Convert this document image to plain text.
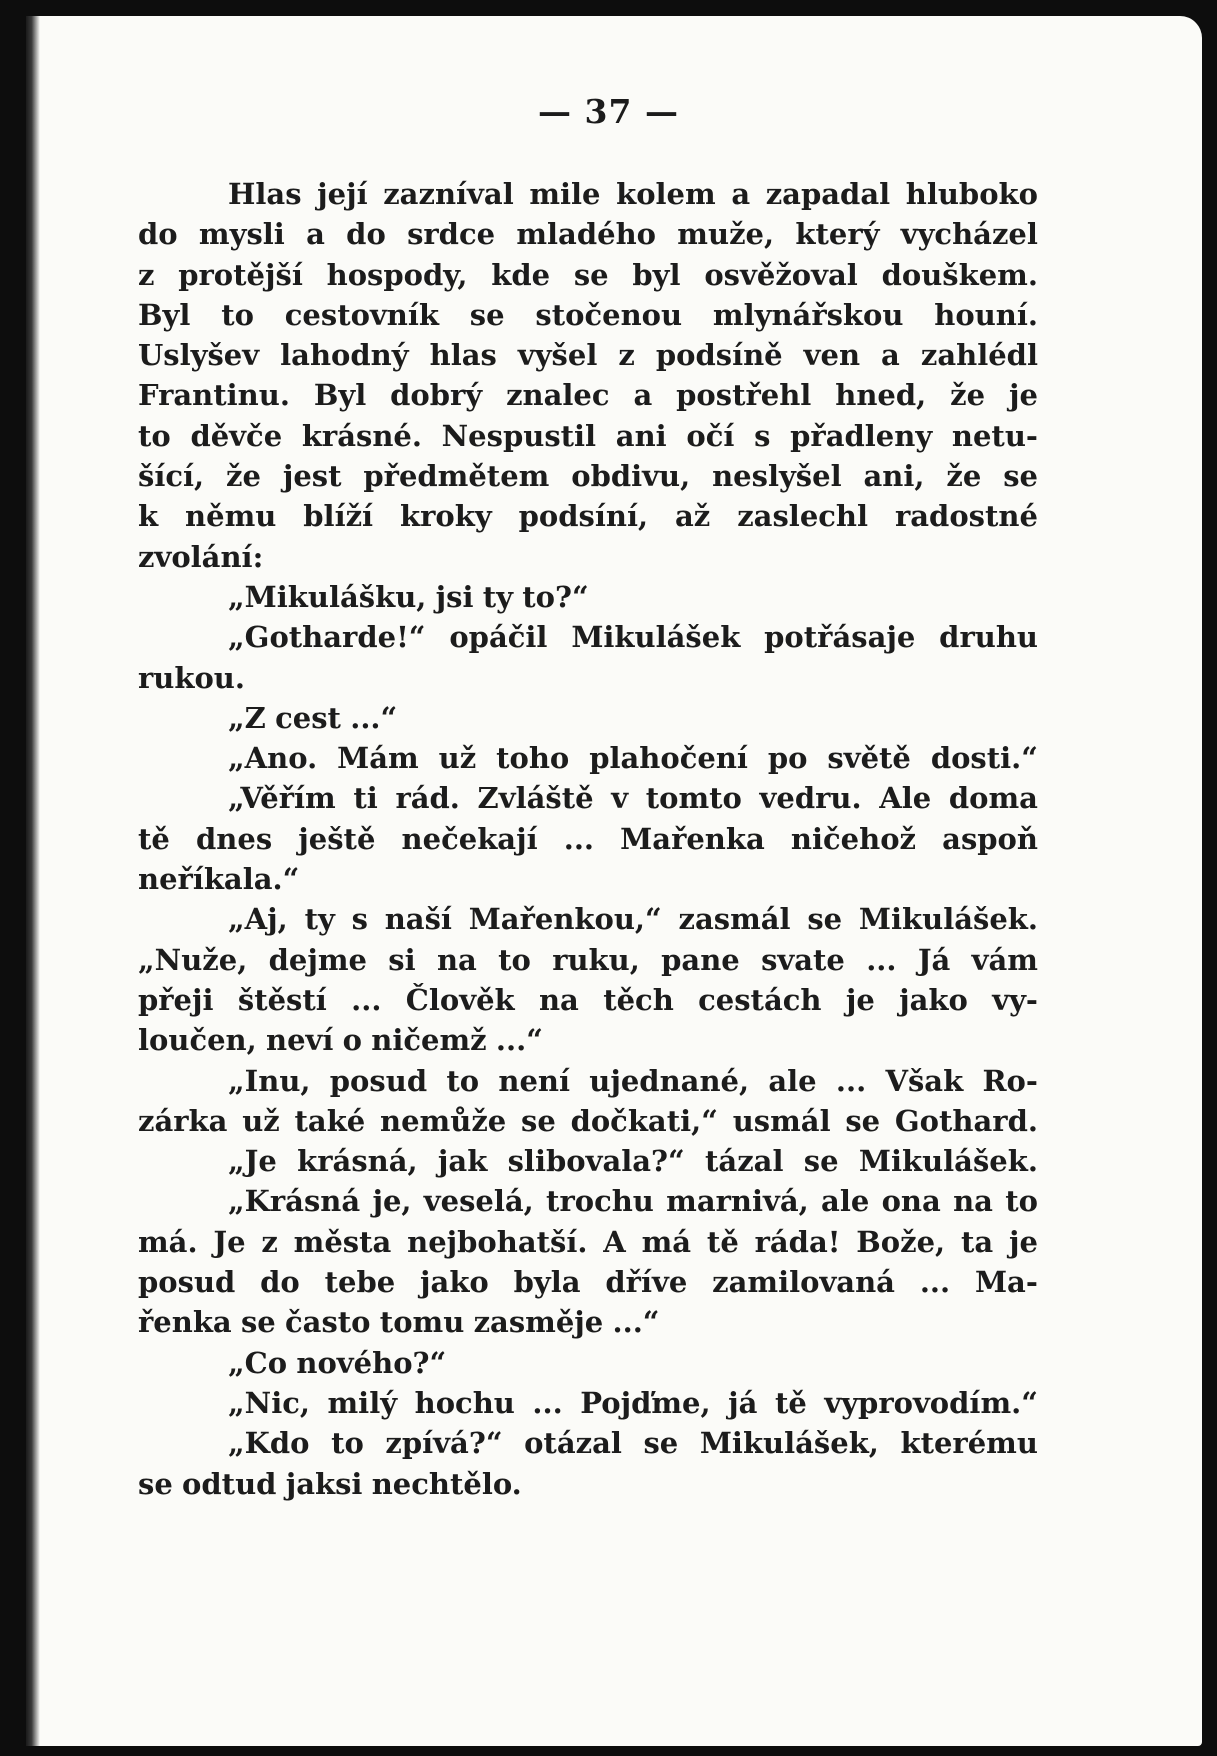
— 37 —
Hlas její zazníval mile kolem a zapadal hluboko
do mysli a do srdce mladého muže, který vycházel
z protější hospody, kde se byl osvěžoval douškem.
Byl to cestovník se stočenou mlynářskou houní.
Uslyšev lahodný hlas vyšel z podsíně ven a zahlédl
Frantinu. Byl dobrý znalec a postřehl hned, že je
to děvče krásné. Nespustil ani očí s přadleny netu-
šící, že jest předmětem obdivu, neslyšel ani, že se
k němu blíží kroky podsíní, až zaslechl radostné
zvolání:
„Mikulášku, jsi ty to?“
„Gotharde!“ opáčil Mikulášek potřásaje druhu
rukou.
„Z cest ...“
„Ano. Mám už toho plahočení po světě dosti.“
„Věřím ti rád. Zvláště v tomto vedru. Ale doma
tě dnes ještě nečekají ... Mařenka ničehož aspoň
neříkala.“
„Aj, ty s naší Mařenkou,“ zasmál se Mikulášek.
„Nuže, dejme si na to ruku, pane svate ... Já vám
přeji štěstí ... Člověk na těch cestách je jako vy-
loučen, neví o ničemž ...“
„Inu, posud to není ujednané, ale ... Však Ro-
zárka už také nemůže se dočkati,“ usmál se Gothard.
„Je krásná, jak slibovala?“ tázal se Mikulášek.
„Krásná je, veselá, trochu marnivá, ale ona na to
má. Je z města nejbohatší. A má tě ráda! Bože, ta je
posud do tebe jako byla dříve zamilovaná ... Ma-
řenka se často tomu zasměje ...“
„Co nového?“
„Nic, milý hochu ... Pojďme, já tě vyprovodím.“
„Kdo to zpívá?“ otázal se Mikulášek, kterému
se odtud jaksi nechtělo.
